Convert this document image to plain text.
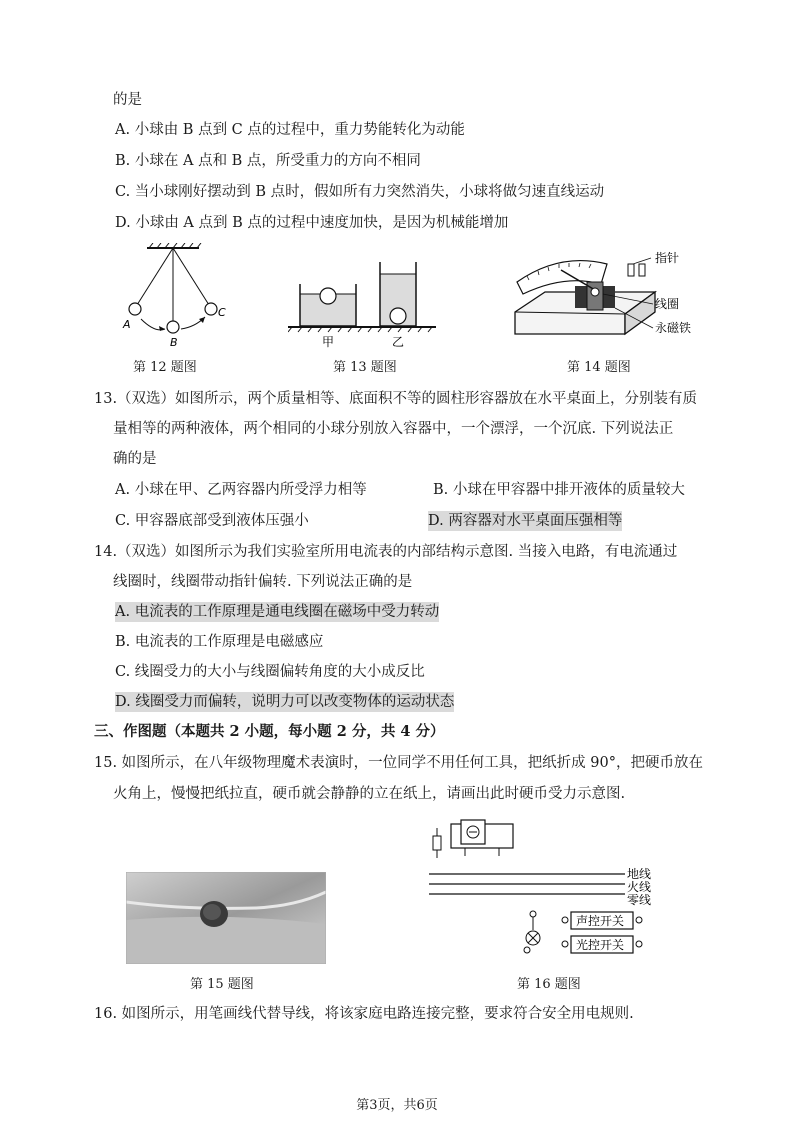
的是
A. 小球由 B 点到 C 点的过程中，重力势能转化为动能
B. 小球在 A 点和 B 点，所受重力的方向不相同
C. 当小球刚好摆动到 B 点时，假如所有力突然消失，小球将做匀速直线运动
D. 小球由 A 点到 B 点的过程中速度加快，是因为机械能增加
A
B
C
第 12 题图
甲	乙
第 13 题图
指针
线圈
永磁铁
第 14 题图
13.（双选）如图所示，两个质量相等、底面积不等的圆柱形容器放在水平桌面上，分别装有质
量相等的两种液体，两个相同的小球分别放入容器中，一个漂浮，一个沉底. 下列说法正
确的是
A. 小球在甲、乙两容器内所受浮力相等	B. 小球在甲容器中排开液体的质量较大
C. 甲容器底部受到液体压强小	D. 两容器对水平桌面压强相等
14.（双选）如图所示为我们实验室所用电流表的内部结构示意图. 当接入电路，有电流通过
线圈时，线圈带动指针偏转. 下列说法正确的是
A. 电流表的工作原理是通电线圈在磁场中受力转动
B. 电流表的工作原理是电磁感应
C. 线圈受力的大小与线圈偏转角度的大小成反比
D. 线圈受力而偏转，说明力可以改变物体的运动状态
三、作图题（本题共 2 小题，每小题 2 分，共 4 分）
15. 如图所示，在八年级物理魔术表演时，一位同学不用任何工具，把纸折成 90°，把硬币放在
火角上，慢慢把纸拉直，硬币就会静静的立在纸上，请画出此时硬币受力示意图.
第 15 题图
地线
火线
零线
声控开关
光控开关
第 16 题图
16. 如图所示，用笔画线代替导线，将该家庭电路连接完整，要求符合安全用电规则.
第3页，共6页
